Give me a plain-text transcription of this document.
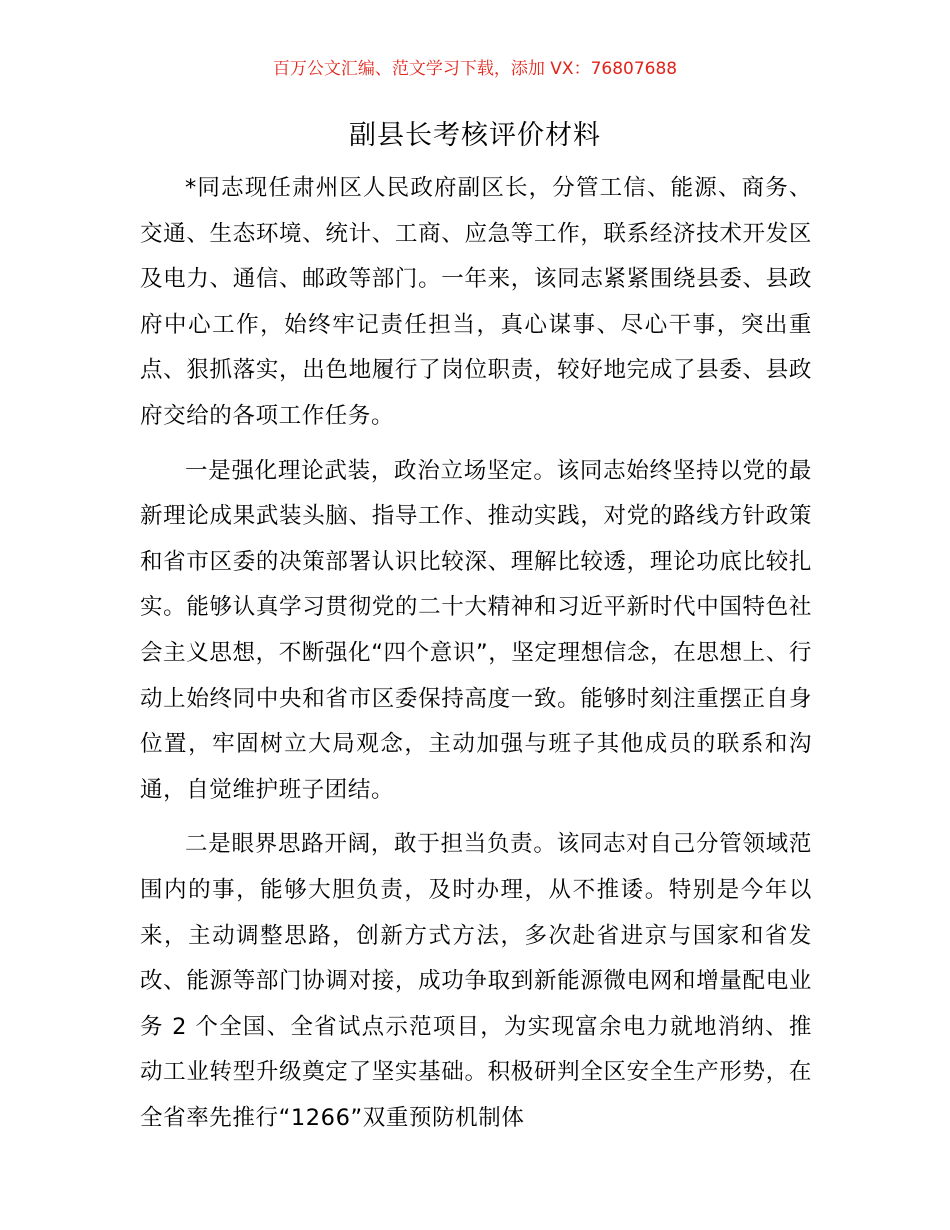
百万公文汇编、范文学习下载，添加 VX：76807688
副县长考核评价材料

*同志现任肃州区人民政府副区长，分管工信、能源、商务、交通、生态环境、统计、工商、应急等工作，联系经济技术开发区及电力、通信、邮政等部门。一年来，该同志紧紧围绕县委、县政府中心工作，始终牢记责任担当，真心谋事、尽心干事，突出重点、狠抓落实，出色地履行了岗位职责，较好地完成了县委、县政府交给的各项工作任务。

一是强化理论武装，政治立场坚定。该同志始终坚持以党的最新理论成果武装头脑、指导工作、推动实践，对党的路线方针政策和省市区委的决策部署认识比较深、理解比较透，理论功底比较扎实。能够认真学习贯彻党的二十大精神和习近平新时代中国特色社会主义思想，不断强化“四个意识”，坚定理想信念，在思想上、行动上始终同中央和省市区委保持高度一致。能够时刻注重摆正自身位置，牢固树立大局观念，主动加强与班子其他成员的联系和沟通，自觉维护班子团结。

二是眼界思路开阔，敢于担当负责。该同志对自己分管领域范围内的事，能够大胆负责，及时办理，从不推诿。特别是今年以来，主动调整思路，创新方式方法，多次赴省进京与国家和省发改、能源等部门协调对接，成功争取到新能源微电网和增量配电业务 2 个全国、全省试点示范项目，为实现富余电力就地消纳、推动工业转型升级奠定了坚实基础。积极研判全区安全生产形势，在全省率先推行“1266”双重预防机制体
